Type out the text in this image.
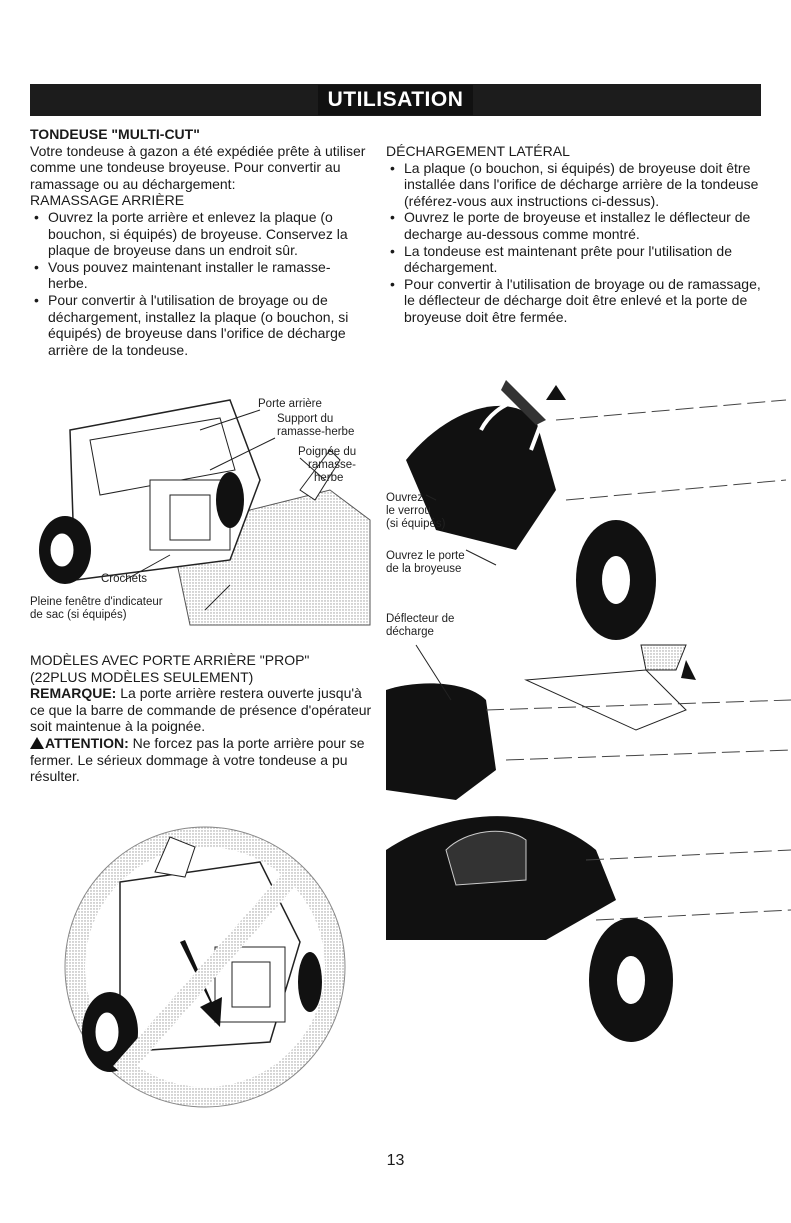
UTILISATION

TONDEUSE "MULTI-CUT"

Votre tondeuse à gazon a été expédiée prête à utiliser comme une tondeuse broyeuse. Pour convertir au ramassage ou au déchargement:

RAMASSAGE ARRIÈRE

• Ouvrez la porte arrière et enlevez la plaque (o bouchon, si équipés) de broyeuse. Conservez la plaque de broyeuse dans un endroit sûr.
• Vous pouvez maintenant installer le ramasse-herbe.
• Pour convertir à l'utilisation de broyage ou de déchargement, installez la plaque (o bouchon, si équipés) de broyeuse dans l'orifice de décharge arrière de la tondeuse.
Porte arrière
Support du
ramasse-herbe
Poignée du
ramasse-
herbe
Crochets
Pleine fenêtre d'indicateur
de sac (si équipés)

MODÈLES AVEC PORTE ARRIÈRE "PROP"

(22PLUS MODÈLES SEULEMENT)

REMARQUE: La porte arrière restera ouverte jusqu'à ce que la barre de commande de présence d'opérateur soit maintenue à la poignée.

ATTENTION: Ne forcez pas la porte arrière pour se fermer. Le sérieux dommage à votre tondeuse a pu résulter.

DÉCHARGEMENT LATÉRAL

• La plaque (o bouchon, si équipés) de broyeuse doit être installée dans l'orifice de décharge arrière de la tondeuse (référez-vous aux instructions ci-dessus).
• Ouvrez le porte de broyeuse et installez le déflecteur de decharge au-dessous comme montré.
• La tondeuse est maintenant prête pour l'utilisation de déchargement.
• Pour convertir à l'utilisation de broyage ou de ramassage, le déflecteur de décharge doit être enlevé et la porte de broyeuse doit être fermée.
Ouvrez
le verrou
(si équipés)
Ouvrez le porte
de la broyeuse
Déflecteur de
décharge
13
